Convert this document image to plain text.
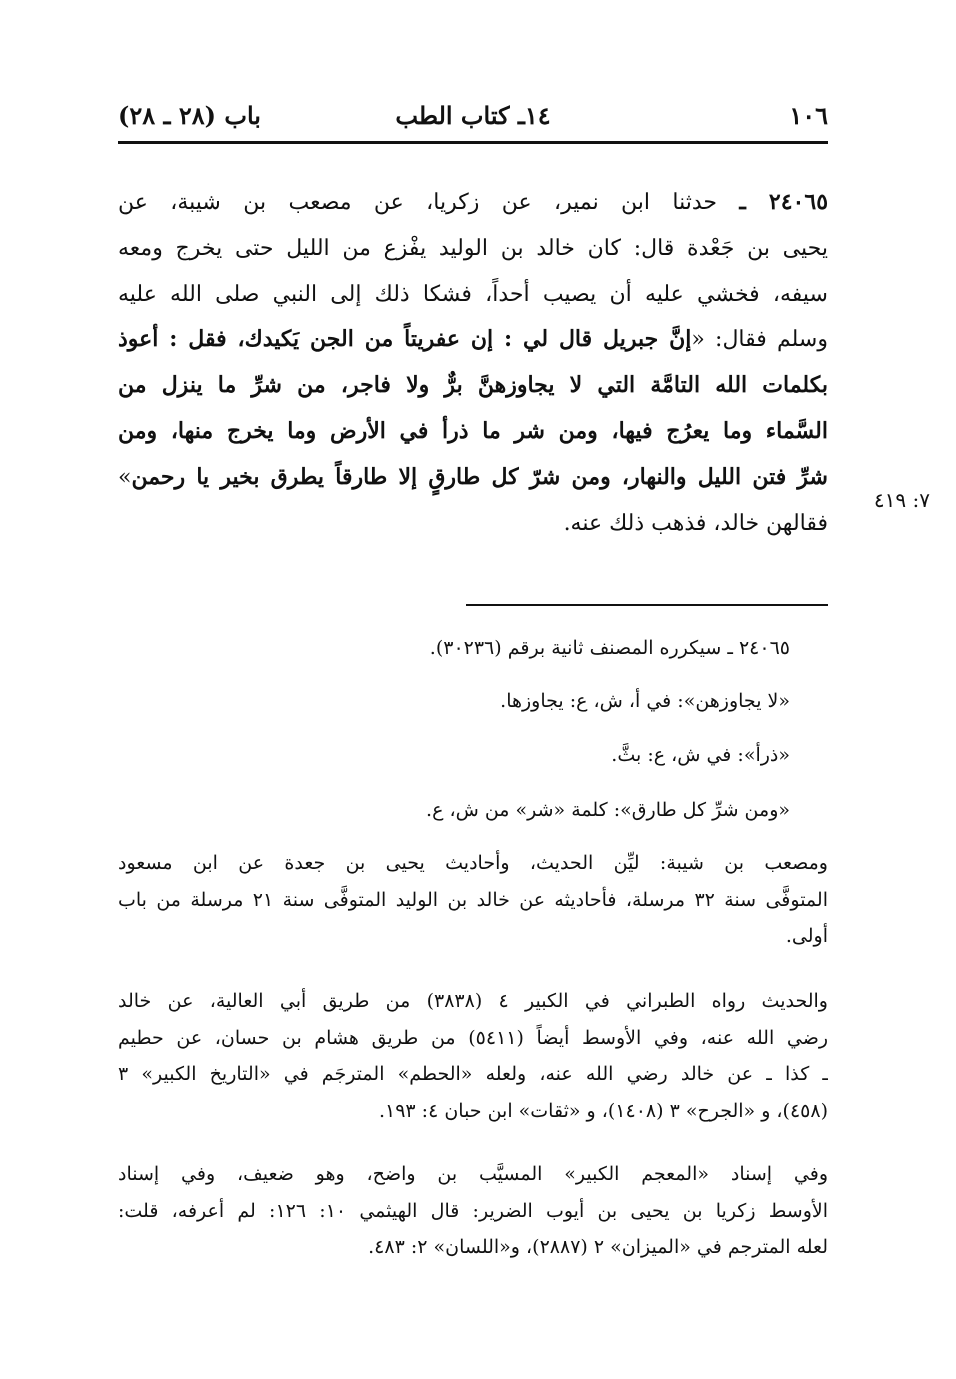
١٠٦
١٤ـ كتاب الطب
باب (٢٨ ـ ٢٨)
٢٤٠٦٥ ـ حدثنا ابن نمير، عن زكريا، عن مصعب بن شيبة، عن
يحيى بن جَعْدة قال: كان خالد بن الوليد يفْزع من الليل حتى يخرج ومعه
سيفه، فخشي عليه أن يصيب أحداً، فشكا ذلك إلى النبي صلى الله عليه
وسلم فقال: «إنَّ جبريل قال لي : إن عفريتاً من الجن يَكيدك، فقل : أعوذ
بكلمات الله التامَّة التي لا يجاوزهنَّ برٌّ ولا فاجر، من شرِّ ما ينزل من
السَّماء وما يعرُج فيها، ومن شر ما ذرأ في الأرض وما يخرج منها، ومن
شرِّ فتن الليل والنهار، ومن شرّ كل طارقٍ إلا طارقاً يطرق بخير يا رحمن»
فقالهن خالد، فذهب ذلك عنه.
٧: ٤١٩
٢٤٠٦٥ ـ سيكرره المصنف ثانية برقم (٣٠٢٣٦).
«لا يجاوزهن»: في أ، ش، ع: يجاوزها.
«ذرأ»: في ش، ع: بثَّ.
«ومن شرِّ كل طارق»: كلمة «شر» من ش، ع.
ومصعب بن شيبة: ليِّن الحديث، وأحاديث يحيى بن جعدة عن ابن مسعود
المتوفَّى سنة ٣٢ مرسلة، فأحاديثه عن خالد بن الوليد المتوفَّى سنة ٢١ مرسلة من باب
أولى.
والحديث رواه الطبراني في الكبير ٤ (٣٨٣٨) من طريق أبي العالية، عن خالد
رضي الله عنه، وفي الأوسط أيضاً (٥٤١١) من طريق هشام بن حسان، عن حطيم
ـ كذا ـ عن خالد رضي الله عنه، ولعله «الحطم» المترجَم في «التاريخ الكبير» ٣
(٤٥٨)، و «الجرح» ٣ (١٤٠٨)، و «ثقات» ابن حبان ٤: ١٩٣.
وفي إسناد «المعجم الكبير» المسيَّب بن واضح، وهو ضعيف، وفي إسناد
الأوسط زكريا بن يحيى بن أيوب الضرير: قال الهيثمي ١٠: ١٢٦: لم أعرفه، قلت:
لعله المترجم في «الميزان» ٢ (٢٨٨٧)، و«اللسان» ٢: ٤٨٣.
